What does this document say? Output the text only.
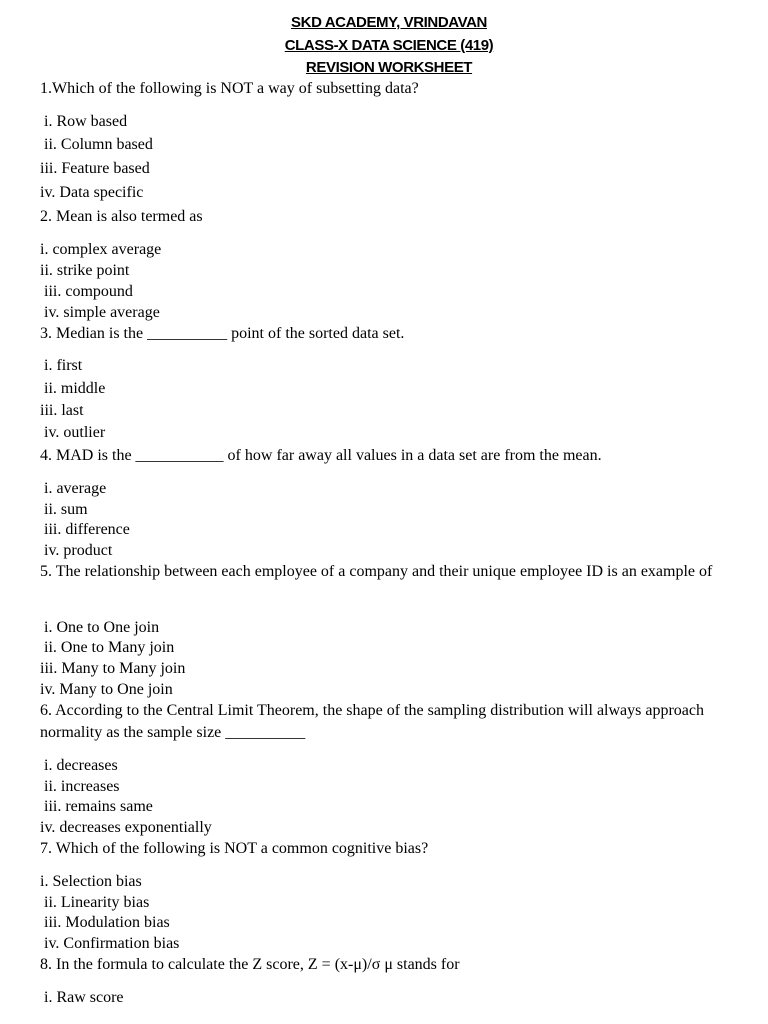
SKD ACADEMY, VRINDAVAN
CLASS-X DATA SCIENCE (419)
REVISION WORKSHEET
1.Which of the following is NOT a way of subsetting data?
i. Row based
ii. Column based
iii. Feature based
iv. Data specific
2. Mean is also termed as
i. complex average
ii. strike point
iii. compound
iv. simple average
3. Median is the __________ point of the sorted data set.
i. first
ii. middle
iii. last
iv. outlier
4. MAD is the ___________ of how far away all values in a data set are from the mean.
i. average
ii. sum
iii. difference
iv. product
5. The relationship between each employee of a company and their unique employee ID is an example of
i. One to One join
ii. One to Many join
iii. Many to Many join
iv. Many to One join
6. According to the Central Limit Theorem, the shape of the sampling distribution will always approach normality as the sample size __________
i. decreases
ii. increases
iii. remains same
iv. decreases exponentially
7. Which of the following is NOT a common cognitive bias?
i. Selection bias
ii. Linearity bias
iii. Modulation bias
iv. Confirmation bias
8. In the formula to calculate the Z score, Z = (x-μ)/σ μ stands for
i. Raw score
